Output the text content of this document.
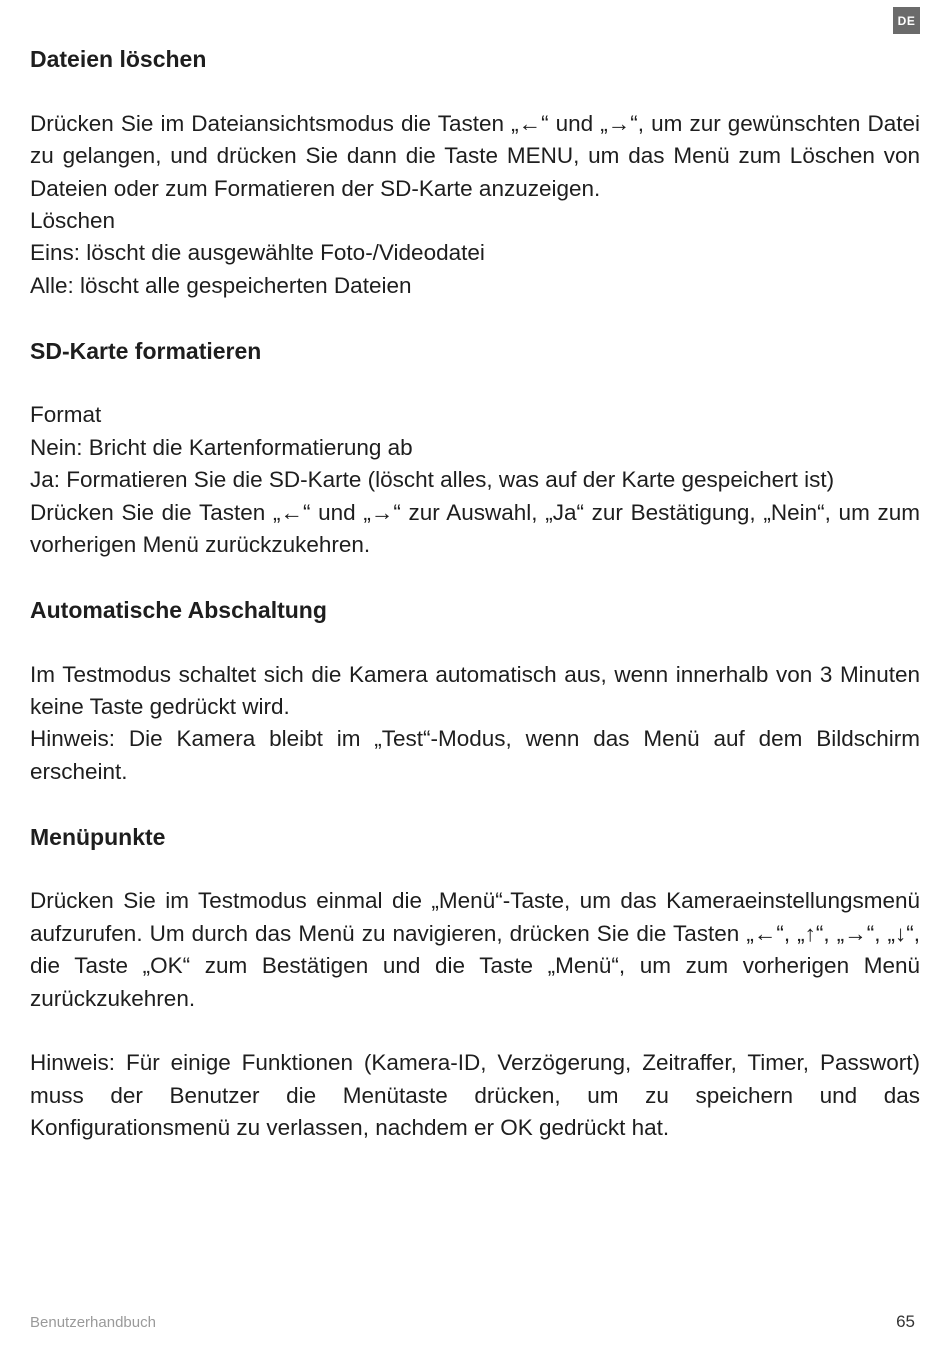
DE
Dateien löschen

Drücken Sie im Dateiansichtsmodus die Tasten „←“ und „→“, um zur gewünschten Datei zu gelangen, und drücken Sie dann die Taste MENU, um das Menü zum Löschen von Dateien oder zum Formatieren der SD-Karte anzuzeigen.

Löschen
Eins: löscht die ausgewählte Foto-/Videodatei
Alle: löscht alle gespeicherten Dateien
SD-Karte formatieren
Format
Nein: Bricht die Kartenformatierung ab
Ja: Formatieren Sie die SD-Karte (löscht alles, was auf der Karte gespeichert ist)

Drücken Sie die Tasten „←“ und „→“ zur Auswahl, „Ja“ zur Bestätigung, „Nein“, um zum vorherigen Menü zurückzukehren.

Automatische Abschaltung

Im Testmodus schaltet sich die Kamera automatisch aus, wenn innerhalb von 3 Minuten keine Taste gedrückt wird.

Hinweis: Die Kamera bleibt im „Test“-Modus, wenn das Menü auf dem Bildschirm erscheint.

Menüpunkte

Drücken Sie im Testmodus einmal die „Menü“-Taste, um das Kameraeinstellungsmenü aufzurufen. Um durch das Menü zu navigieren, drücken Sie die Tasten „←“, „↑“, „→“, „↓“, die Taste „OK“ zum Bestätigen und die Taste „Menü“, um zum vorherigen Menü zurückzukehren.

Hinweis: Für einige Funktionen (Kamera-ID, Verzögerung, Zeitraffer, Timer, Passwort) muss der Benutzer die Menütaste drücken, um zu speichern und das Konfigurationsmenü zu verlassen, nachdem er OK gedrückt hat.

Benutzerhandbuch	65
